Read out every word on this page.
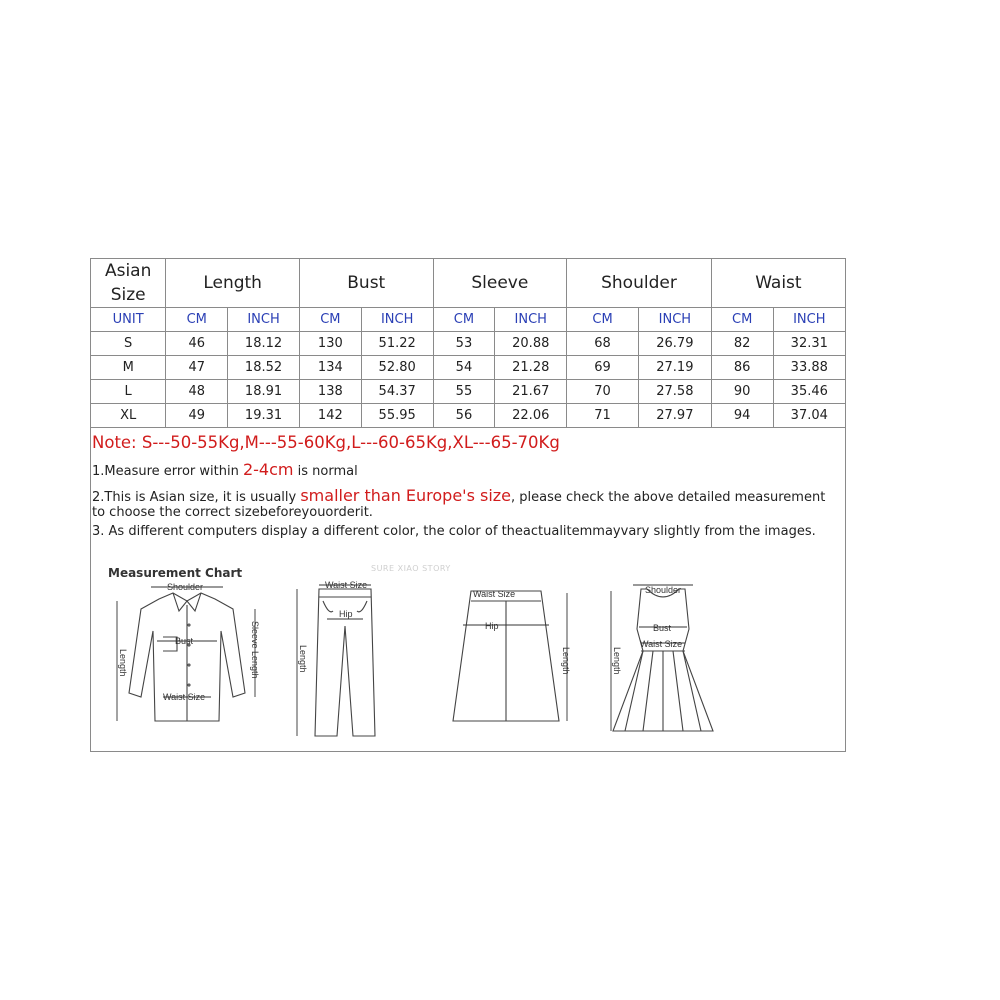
Asian
Size	Length		Bust		Sleeve		Shoulder		Waist	
UNIT	CM	INCH	CM	INCH	CM	INCH	CM	INCH	CM	INCH
S	46	18.12	130	51.22	53	20.88	68	26.79	82	32.31
M	47	18.52	134	52.80	54	21.28	69	27.19	86	33.88
L	48	18.91	138	54.37	55	21.67	70	27.58	90	35.46
XL	49	19.31	142	55.95	56	22.06	71	27.97	94	37.04
Note: S---50-55Kg,M---55-60Kg,L---60-65Kg,XL---65-70Kg
1.Measure error within 2-4cm is normal
2.This is Asian size, it is usually smaller than Europe's size, please check the above detailed measurement
to choose the correct sizebeforeyouorderit.
3. As different computers display a different color, the color of theactualitemmayvary slightly from the images.
Measurement Chart	SURE XIAO STORY
Shoulder
Bust
Waist Size
Length	Sleeve Length
Waist Size
Hip
Length
Waist Size
Hip
Length
Shoulder
Bust
Waist Size
Length
